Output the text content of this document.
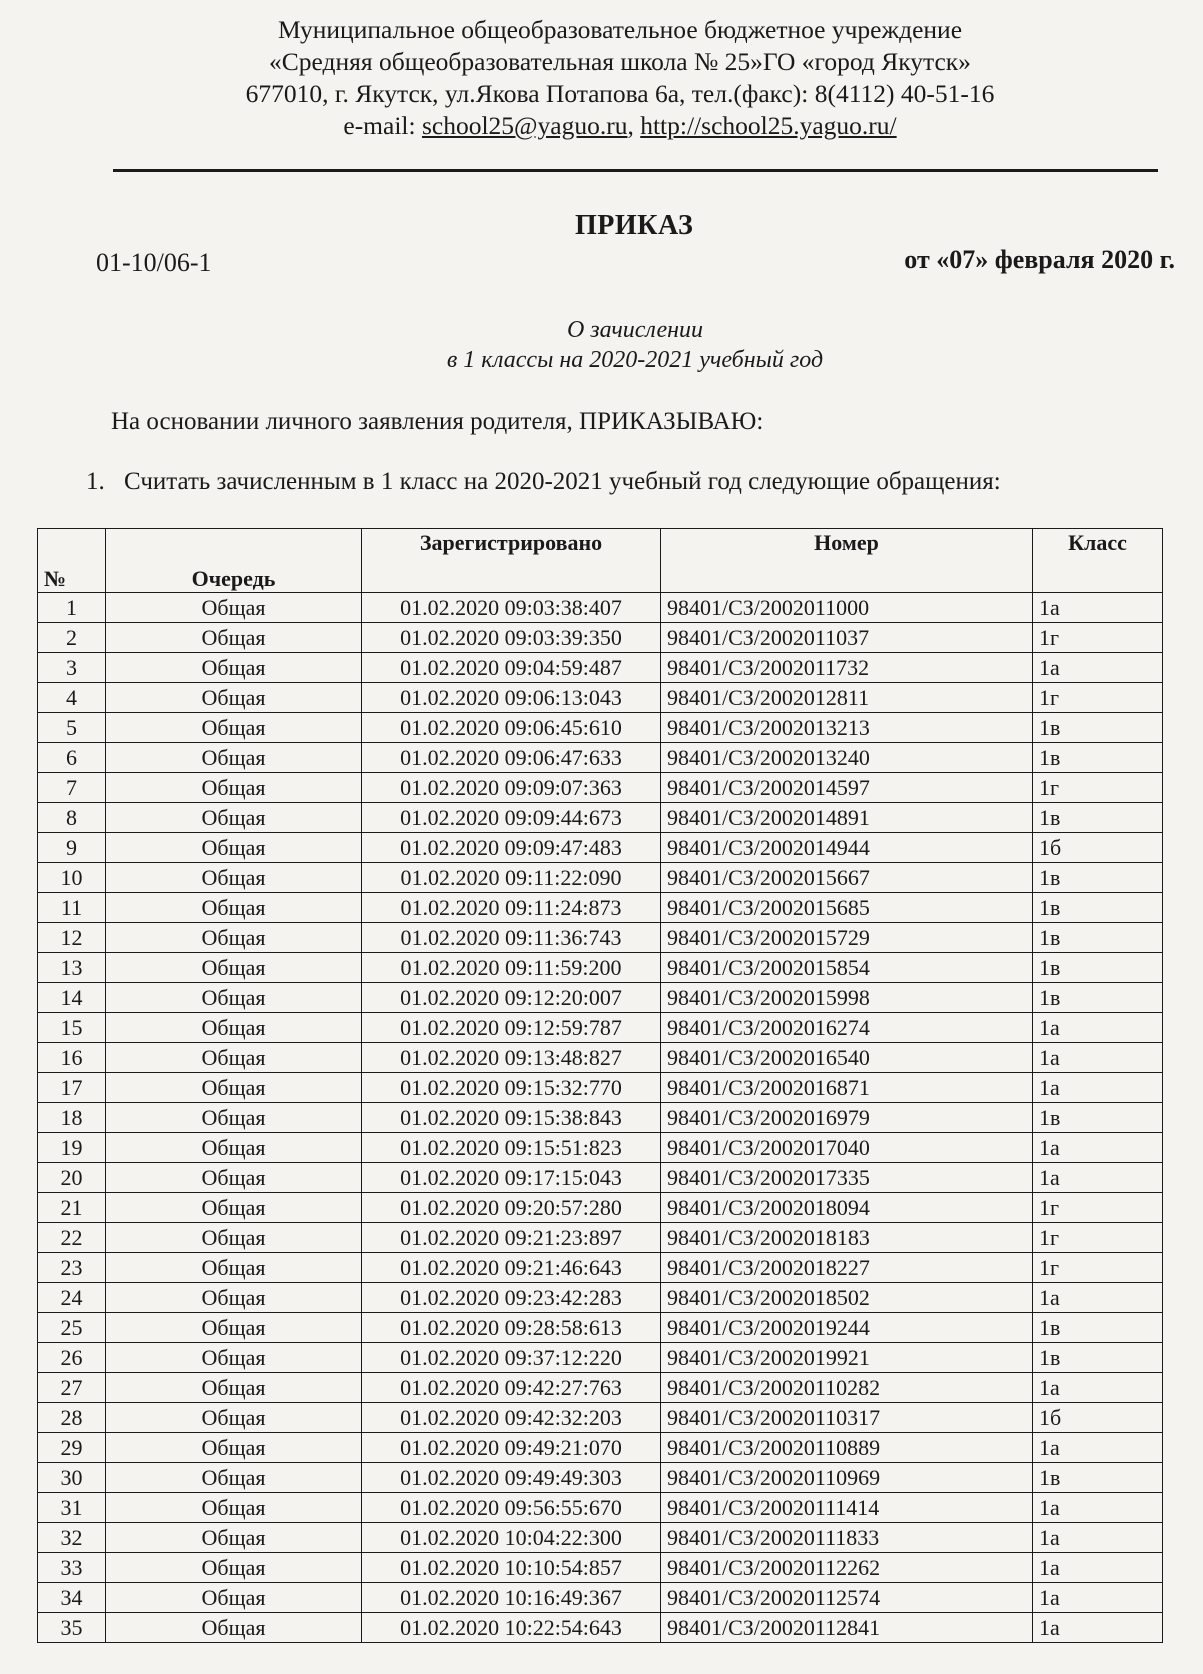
Муниципальное общеобразовательное бюджетное учреждение
«Средняя общеобразовательная школа № 25»ГО «город Якутск»
677010, г. Якутск, ул.Якова Потапова 6а, тел.(факс): 8(4112) 40-51-16
e-mail: school25@yaguo.ru, http://school25.yaguo.ru/
ПРИКАЗ
01-10/06-1	от «07» февраля 2020 г.
О зачислении
в 1 классы на 2020-2021 учебный год
На основании личного заявления родителя, ПРИКАЗЫВАЮ:
1. Считать зачисленным в 1 класс на 2020-2021 учебный год следующие обращения:
№	Очередь	Зарегистрировано	Номер	Класс
1	Общая	01.02.2020 09:03:38:407	98401/СЗ/2002011000	1а
2	Общая	01.02.2020 09:03:39:350	98401/СЗ/2002011037	1г
3	Общая	01.02.2020 09:04:59:487	98401/СЗ/2002011732	1а
4	Общая	01.02.2020 09:06:13:043	98401/СЗ/2002012811	1г
5	Общая	01.02.2020 09:06:45:610	98401/СЗ/2002013213	1в
6	Общая	01.02.2020 09:06:47:633	98401/СЗ/2002013240	1в
7	Общая	01.02.2020 09:09:07:363	98401/СЗ/2002014597	1г
8	Общая	01.02.2020 09:09:44:673	98401/СЗ/2002014891	1в
9	Общая	01.02.2020 09:09:47:483	98401/СЗ/2002014944	1б
10	Общая	01.02.2020 09:11:22:090	98401/СЗ/2002015667	1в
11	Общая	01.02.2020 09:11:24:873	98401/СЗ/2002015685	1в
12	Общая	01.02.2020 09:11:36:743	98401/СЗ/2002015729	1в
13	Общая	01.02.2020 09:11:59:200	98401/СЗ/2002015854	1в
14	Общая	01.02.2020 09:12:20:007	98401/СЗ/2002015998	1в
15	Общая	01.02.2020 09:12:59:787	98401/СЗ/2002016274	1а
16	Общая	01.02.2020 09:13:48:827	98401/СЗ/2002016540	1а
17	Общая	01.02.2020 09:15:32:770	98401/СЗ/2002016871	1а
18	Общая	01.02.2020 09:15:38:843	98401/СЗ/2002016979	1в
19	Общая	01.02.2020 09:15:51:823	98401/СЗ/2002017040	1а
20	Общая	01.02.2020 09:17:15:043	98401/СЗ/2002017335	1а
21	Общая	01.02.2020 09:20:57:280	98401/СЗ/2002018094	1г
22	Общая	01.02.2020 09:21:23:897	98401/СЗ/2002018183	1г
23	Общая	01.02.2020 09:21:46:643	98401/СЗ/2002018227	1г
24	Общая	01.02.2020 09:23:42:283	98401/СЗ/2002018502	1а
25	Общая	01.02.2020 09:28:58:613	98401/СЗ/2002019244	1в
26	Общая	01.02.2020 09:37:12:220	98401/СЗ/2002019921	1в
27	Общая	01.02.2020 09:42:27:763	98401/СЗ/20020110282	1а
28	Общая	01.02.2020 09:42:32:203	98401/СЗ/20020110317	1б
29	Общая	01.02.2020 09:49:21:070	98401/СЗ/20020110889	1а
30	Общая	01.02.2020 09:49:49:303	98401/СЗ/20020110969	1в
31	Общая	01.02.2020 09:56:55:670	98401/СЗ/20020111414	1а
32	Общая	01.02.2020 10:04:22:300	98401/СЗ/20020111833	1а
33	Общая	01.02.2020 10:10:54:857	98401/СЗ/20020112262	1а
34	Общая	01.02.2020 10:16:49:367	98401/СЗ/20020112574	1а
35	Общая	01.02.2020 10:22:54:643	98401/СЗ/20020112841	1а
